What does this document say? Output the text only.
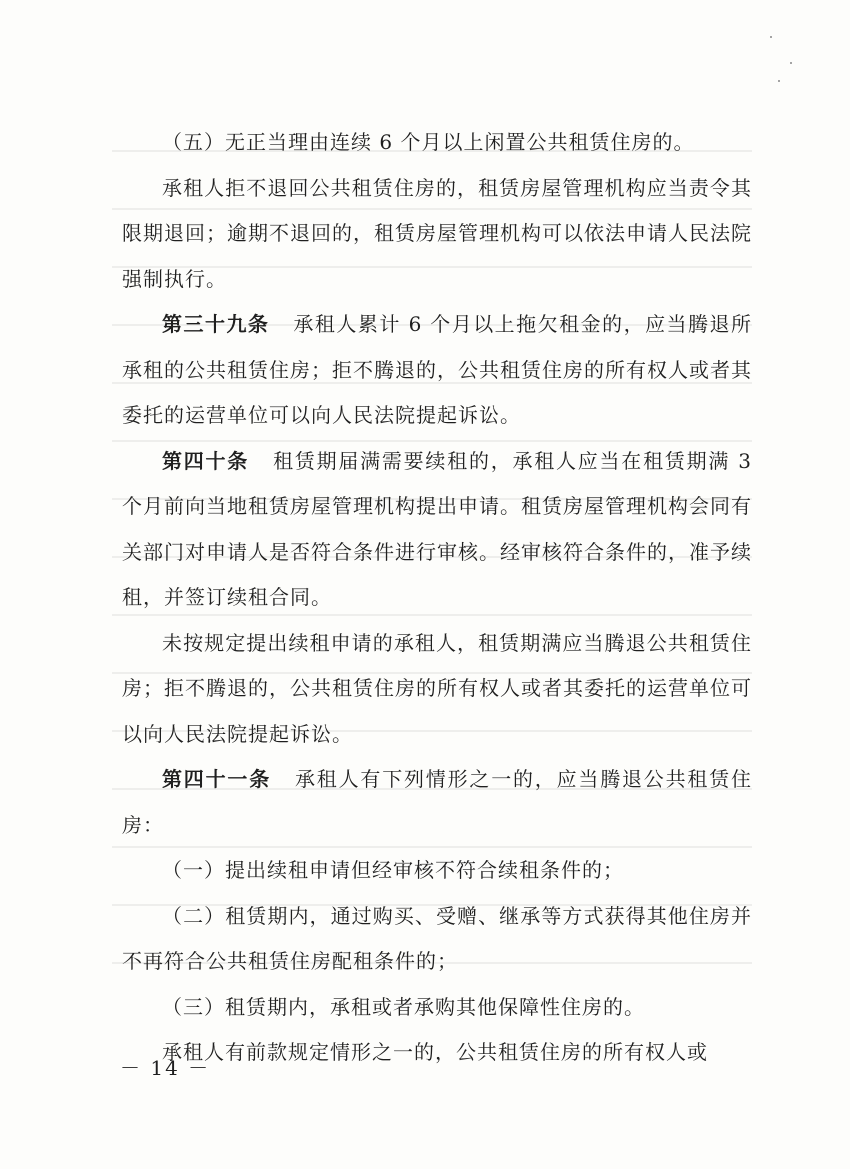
（五）无正当理由连续 6 个月以上闲置公共租赁住房的。

承租人拒不退回公共租赁住房的，租赁房屋管理机构应当责令其限期退回；逾期不退回的，租赁房屋管理机构可以依法申请人民法院强制执行。

第三十九条 承租人累计 6 个月以上拖欠租金的，应当腾退所承租的公共租赁住房；拒不腾退的，公共租赁住房的所有权人或者其委托的运营单位可以向人民法院提起诉讼。

第四十条 租赁期届满需要续租的，承租人应当在租赁期满 3 个月前向当地租赁房屋管理机构提出申请。租赁房屋管理机构会同有关部门对申请人是否符合条件进行审核。经审核符合条件的，准予续租，并签订续租合同。

未按规定提出续租申请的承租人，租赁期满应当腾退公共租赁住房；拒不腾退的，公共租赁住房的所有权人或者其委托的运营单位可以向人民法院提起诉讼。

第四十一条 承租人有下列情形之一的，应当腾退公共租赁住房：

（一）提出续租申请但经审核不符合续租条件的；

（二）租赁期内，通过购买、受赠、继承等方式获得其他住房并不再符合公共租赁住房配租条件的；

（三）租赁期内，承租或者承购其他保障性住房的。

承租人有前款规定情形之一的，公共租赁住房的所有权人或

－ 14 －
